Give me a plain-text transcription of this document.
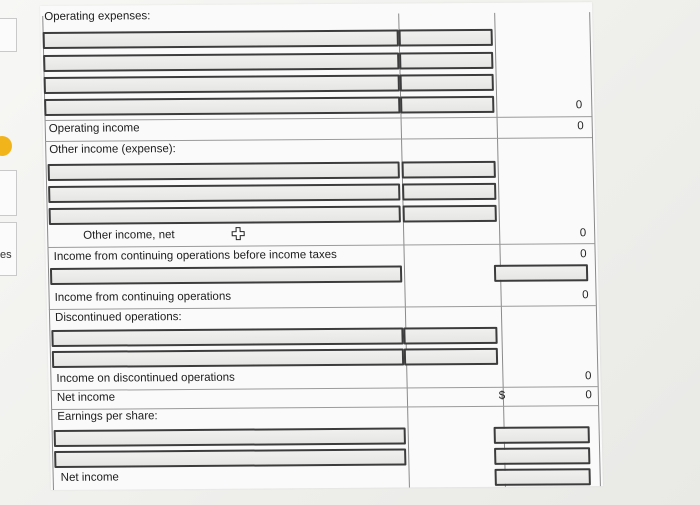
es
Operating expenses:
0
Operating income	0
Other income (expense):
Other income, net	0
Income from continuing operations before income taxes	0
Income from continuing operations	0
Discontinued operations:
Income on discontinued operations	0
Net income	$	0
Earnings per share:
Net income
